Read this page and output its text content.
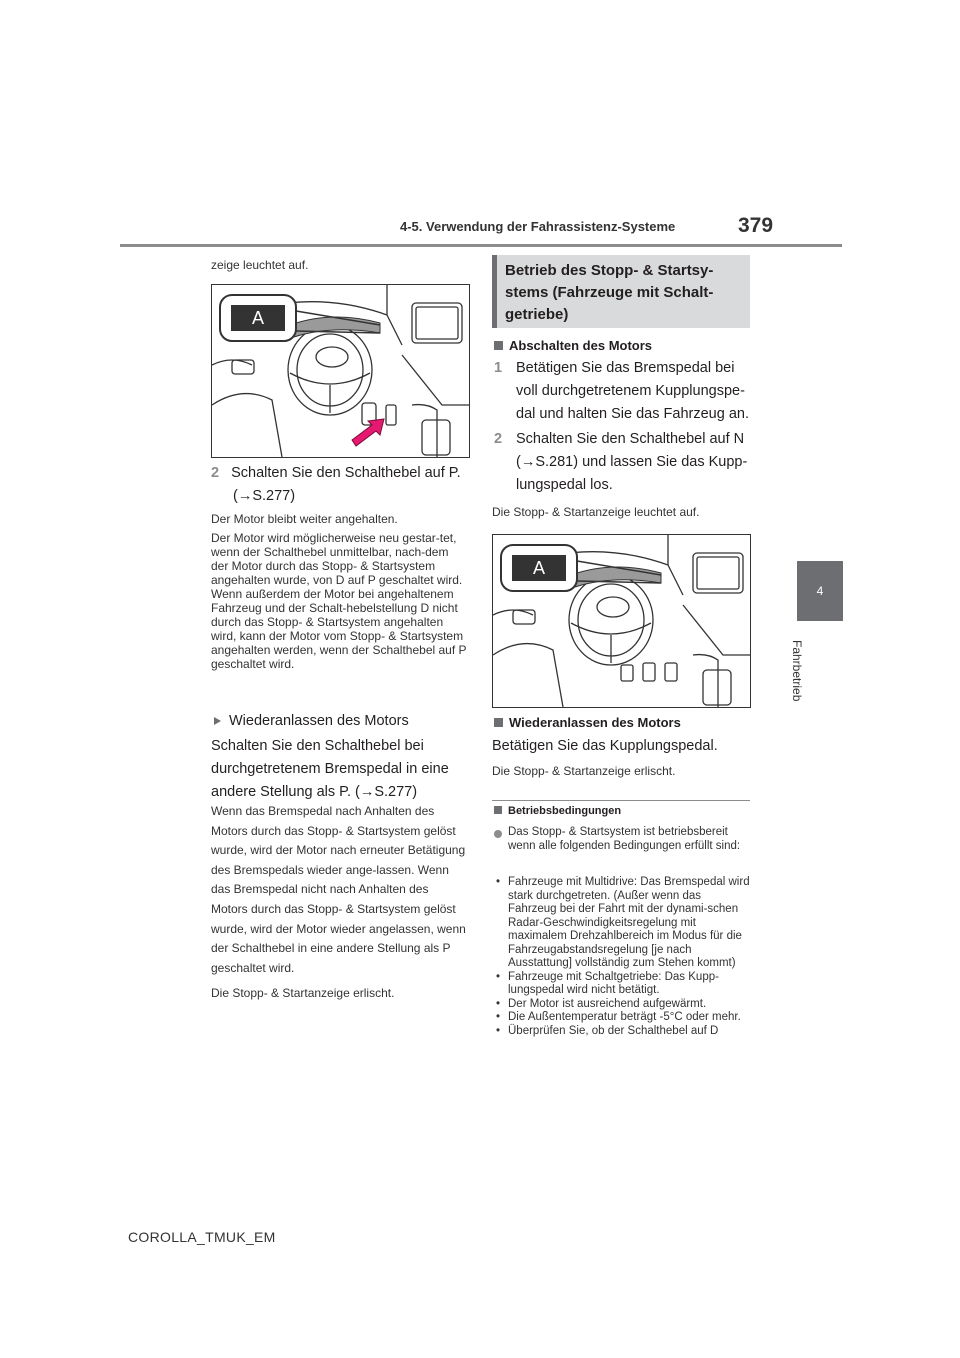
4-5. Verwendung der Fahrassistenz-Systeme	379
4
Fahrbetrieb
zeige leuchtet auf.
A
2 Schalten Sie den Schalthebel auf P.
(→S.277)
Der Motor bleibt weiter angehalten.
Der Motor wird möglicherweise neu gestar-tet, wenn der Schalthebel unmittelbar, nach-dem der Motor durch das Stopp- & Startsystem angehalten wurde, von D auf P geschaltet wird. Wenn außerdem der Motor bei angehaltenem Fahrzeug und der Schalt-hebelstellung D nicht durch das Stopp- & Startsystem angehalten wird, kann der Motor vom Stopp- & Startsystem angehalten werden, wenn der Schalthebel auf P geschaltet wird.
Wiederanlassen des Motors
Schalten Sie den Schalthebel bei durchgetretenem Bremspedal in eine andere Stellung als P. (→S.277)
Wenn das Bremspedal nach Anhalten des Motors durch das Stopp- & Startsystem gelöst wurde, wird der Motor nach erneuter Betätigung des Bremspedals wieder ange-lassen. Wenn das Bremspedal nicht nach Anhalten des Motors durch das Stopp- & Startsystem gelöst wurde, wird der Motor wieder angelassen, wenn der Schalthebel in eine andere Stellung als P geschaltet wird.
Die Stopp- & Startanzeige erlischt.
Betrieb des Stopp- & Startsy-stems (Fahrzeuge mit Schalt-getriebe)
Abschalten des Motors
1 Betätigen Sie das Bremspedal bei voll durchgetretenem Kupplungspe-dal und halten Sie das Fahrzeug an.
2 Schalten Sie den Schalthebel auf N (→S.281) und lassen Sie das Kupp-lungspedal los.
Die Stopp- & Startanzeige leuchtet auf.
A
Wiederanlassen des Motors
Betätigen Sie das Kupplungspedal.
Die Stopp- & Startanzeige erlischt.
Betriebsbedingungen
Das Stopp- & Startsystem ist betriebsbereit wenn alle folgenden Bedingungen erfüllt sind:
• Fahrzeuge mit Multidrive: Das Bremspedal wird stark durchgetreten. (Außer wenn das Fahrzeug bei der Fahrt mit der dynami-schen Radar-Geschwindigkeitsregelung mit maximalem Drehzahlbereich im Modus für die Fahrzeugabstandsregelung [je nach Ausstattung] vollständig zum Stehen kommt)
• Fahrzeuge mit Schaltgetriebe: Das Kupp-lungspedal wird nicht betätigt.
• Der Motor ist ausreichend aufgewärmt.
• Die Außentemperatur beträgt -5°C oder mehr.
• Überprüfen Sie, ob der Schalthebel auf D
COROLLA_TMUK_EM
